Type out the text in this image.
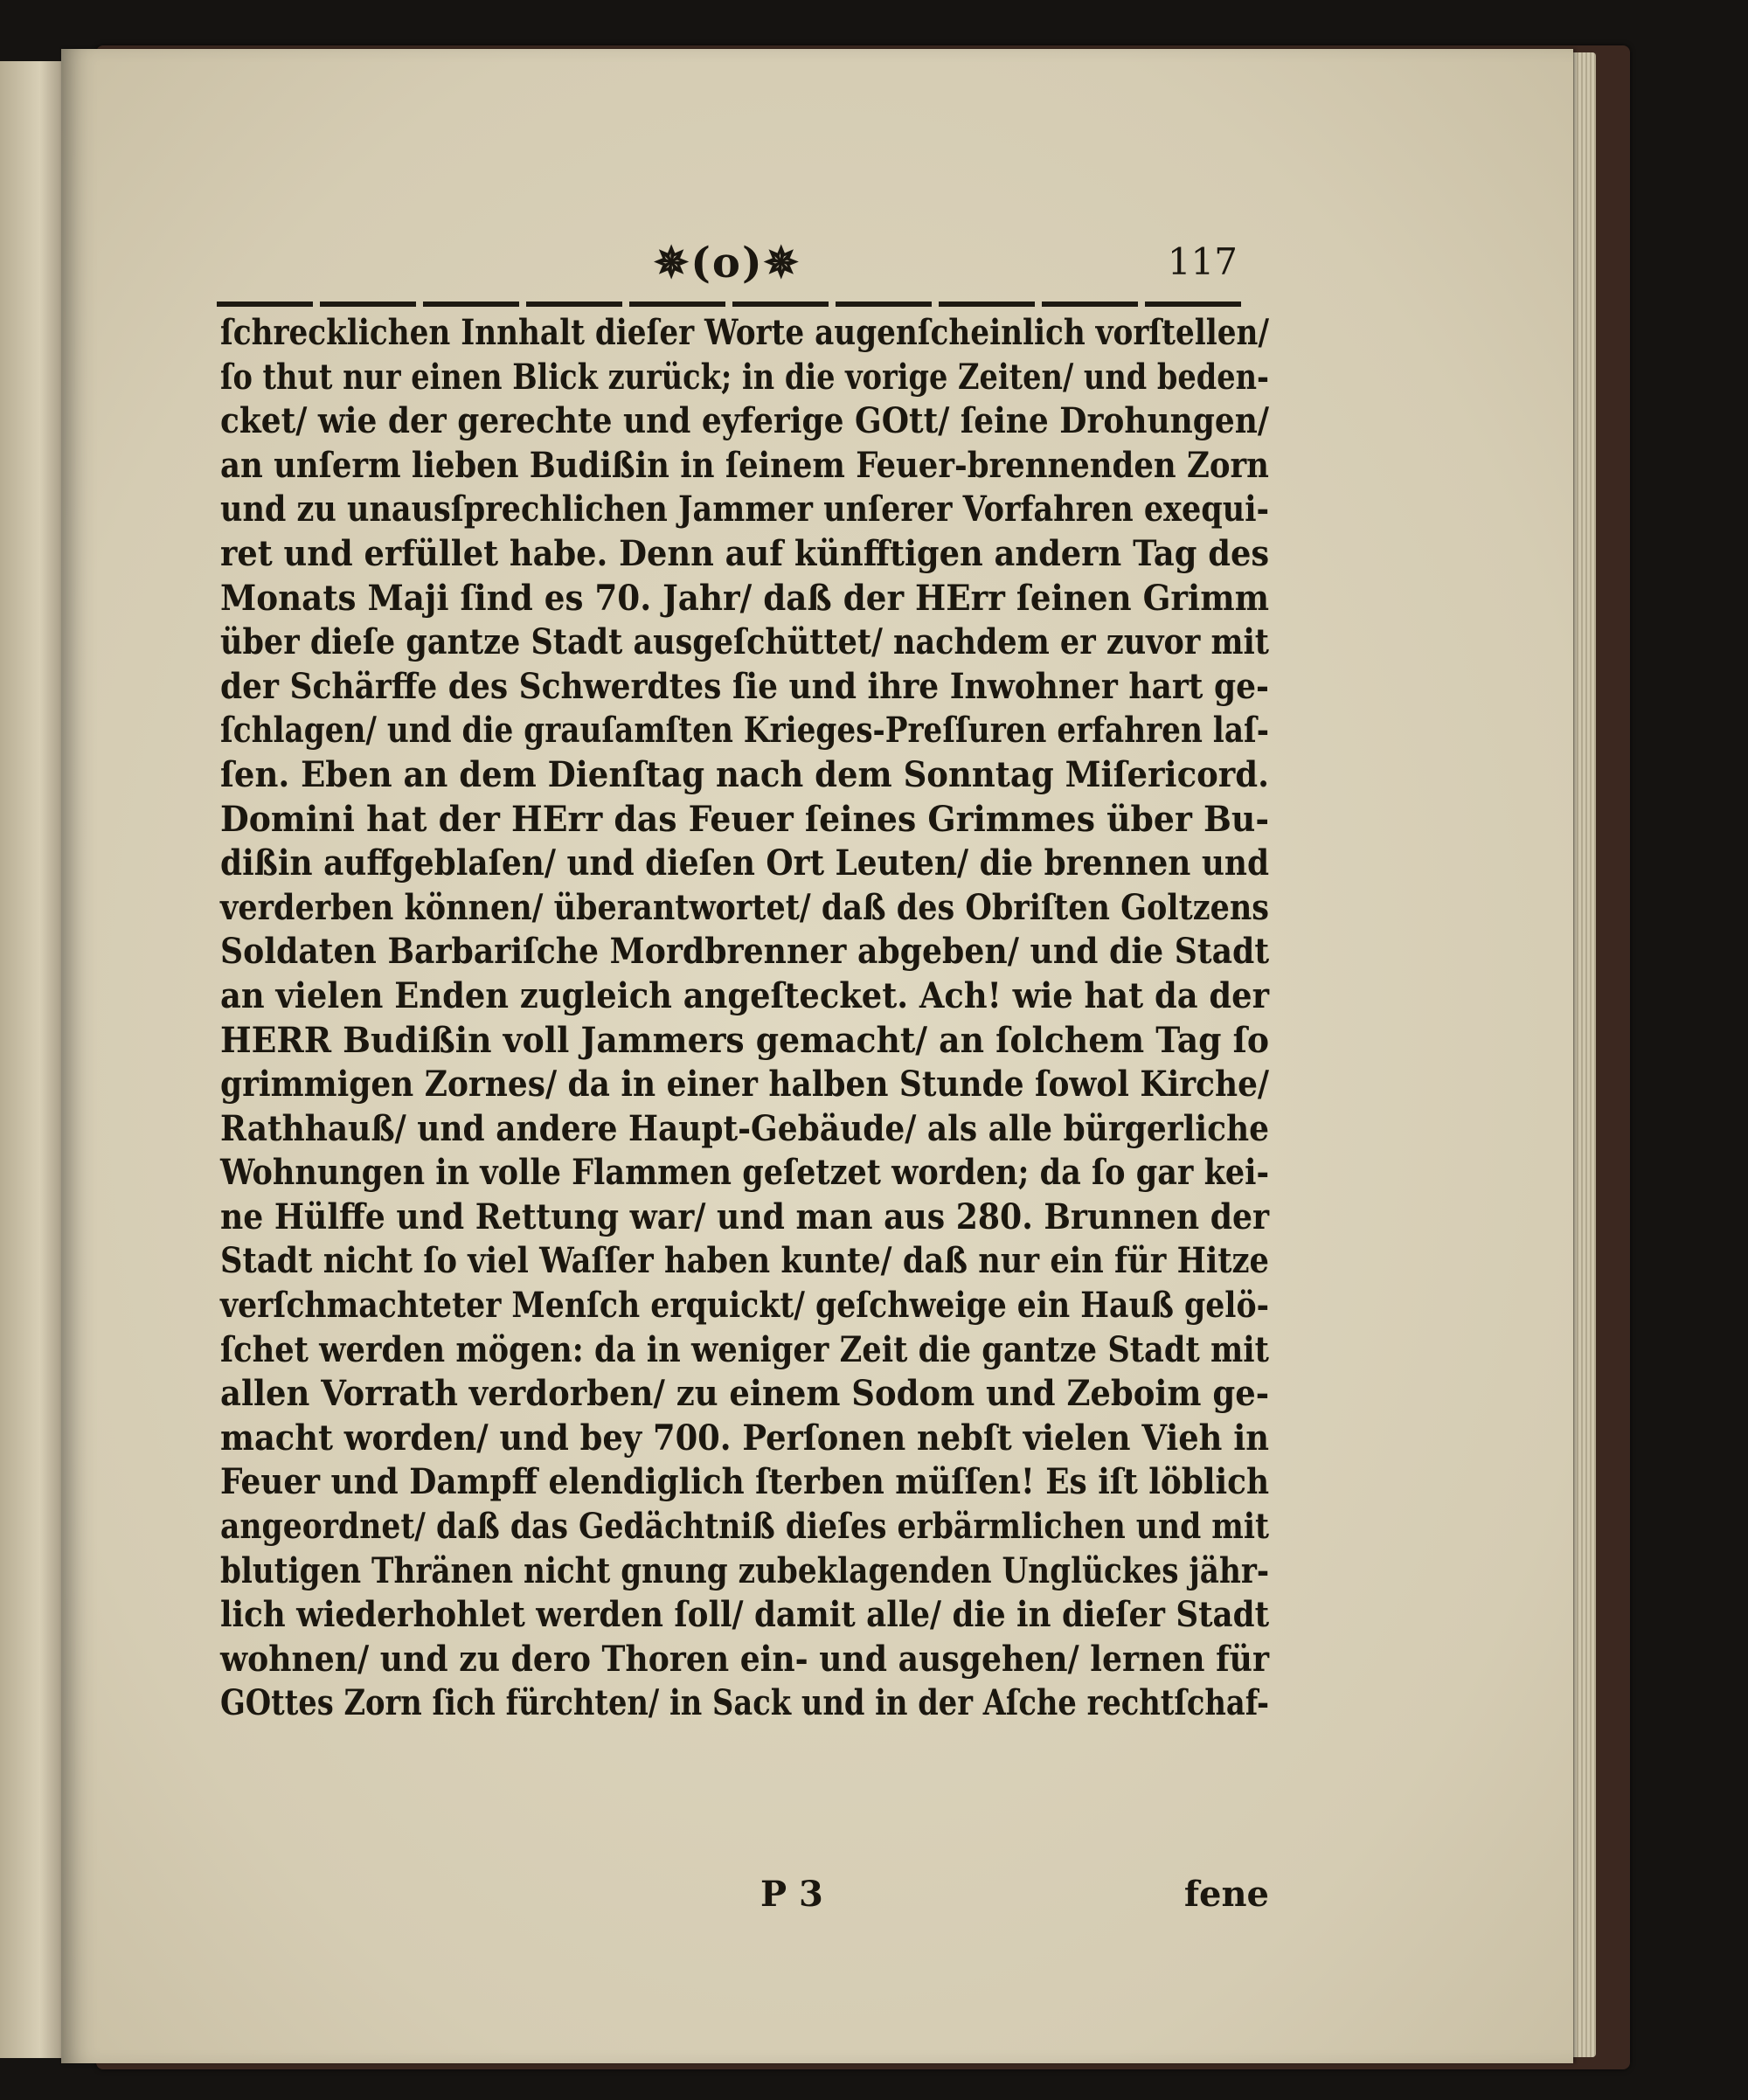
✵(o)✵	117
ſchrecklichen Innhalt dieſer Worte augenſcheinlich vorſtellen/
ſo thut nur einen Blick zurück; in die vorige Zeiten/ und beden-
cket/ wie der gerechte und eyferige GOtt/ ſeine Drohungen/
an unſerm lieben Budißin in ſeinem Feuer-brennenden Zorn
und zu unausſprechlichen Jammer unſerer Vorfahren exequi-
ret und erfüllet habe. Denn auf künfftigen andern Tag des
Monats Maji ſind es 70. Jahr/ daß der HErr ſeinen Grimm
über dieſe gantze Stadt ausgeſchüttet/ nachdem er zuvor mit
der Schärffe des Schwerdtes ſie und ihre Inwohner hart ge-
ſchlagen/ und die grauſamſten Krieges-Preſſuren erfahren laſ-
ſen. Eben an dem Dienſtag nach dem Sonntag Miſericord.
Domini hat der HErr das Feuer ſeines Grimmes über Bu-
dißin auffgeblaſen/ und dieſen Ort Leuten/ die brennen und
verderben können/ überantwortet/ daß des Obriſten Goltzens
Soldaten Barbariſche Mordbrenner abgeben/ und die Stadt
an vielen Enden zugleich angeſtecket. Ach! wie hat da der
HERR Budißin voll Jammers gemacht/ an ſolchem Tag ſo
grimmigen Zornes/ da in einer halben Stunde ſowol Kirche/
Rathhauß/ und andere Haupt-Gebäude/ als alle bürgerliche
Wohnungen in volle Flammen geſetzet worden; da ſo gar kei-
ne Hülffe und Rettung war/ und man aus 280. Brunnen der
Stadt nicht ſo viel Waſſer haben kunte/ daß nur ein für Hitze
verſchmachteter Menſch erquickt/ geſchweige ein Hauß gelö-
ſchet werden mögen: da in weniger Zeit die gantze Stadt mit
allen Vorrath verdorben/ zu einem Sodom und Zeboim ge-
macht worden/ und bey 700. Perſonen nebſt vielen Vieh in
Feuer und Dampff elendiglich ſterben müſſen! Es iſt löblich
angeordnet/ daß das Gedächtniß dieſes erbärmlichen und mit
blutigen Thränen nicht gnung zubeklagenden Unglückes jähr-
lich wiederhohlet werden ſoll/ damit alle/ die in dieſer Stadt
wohnen/ und zu dero Thoren ein- und ausgehen/ lernen für
GOttes Zorn ſich fürchten/ in Sack und in der Aſche rechtſchaf-
P 3	fene
